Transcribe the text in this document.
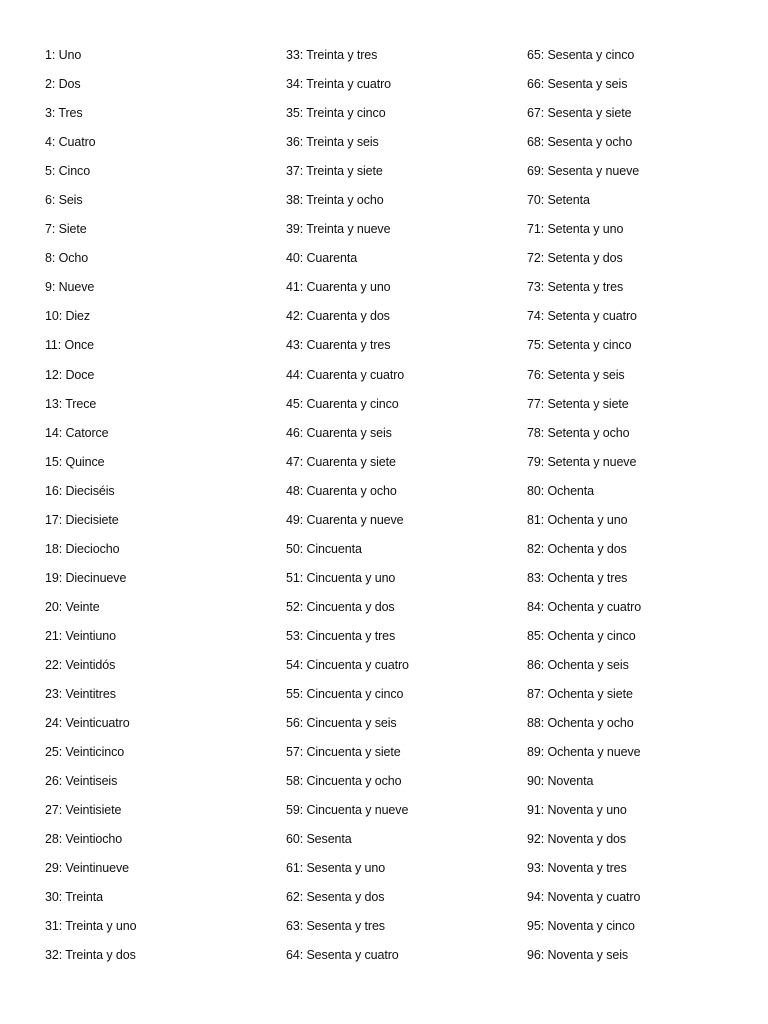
1: Uno
2: Dos
3: Tres
4: Cuatro
5: Cinco
6: Seis
7: Siete
8: Ocho
9: Nueve
10: Diez
11: Once
12: Doce
13: Trece
14: Catorce
15: Quince
16: Dieciséis
17: Diecisiete
18: Dieciocho
19: Diecinueve
20: Veinte
21: Veintiuno
22: Veintidós
23: Veintitres
24: Veinticuatro
25: Veinticinco
26: Veintiseis
27: Veintisiete
28: Veintiocho
29: Veintinueve
30: Treinta
31: Treinta y uno
32: Treinta y dos
33: Treinta y tres
34: Treinta y cuatro
35: Treinta y cinco
36: Treinta y seis
37: Treinta y siete
38: Treinta y ocho
39: Treinta y nueve
40: Cuarenta
41: Cuarenta y uno
42: Cuarenta y dos
43: Cuarenta y tres
44: Cuarenta y cuatro
45: Cuarenta y cinco
46: Cuarenta y seis
47: Cuarenta y siete
48: Cuarenta y ocho
49: Cuarenta y nueve
50: Cincuenta
51: Cincuenta y uno
52: Cincuenta y dos
53: Cincuenta y tres
54: Cincuenta y cuatro
55: Cincuenta y cinco
56: Cincuenta y seis
57: Cincuenta y siete
58: Cincuenta y ocho
59: Cincuenta y nueve
60: Sesenta
61: Sesenta y uno
62: Sesenta y dos
63: Sesenta y tres
64: Sesenta y cuatro
65: Sesenta y cinco
66: Sesenta y seis
67: Sesenta y siete
68: Sesenta y ocho
69: Sesenta y nueve
70: Setenta
71: Setenta y uno
72: Setenta y dos
73: Setenta y tres
74: Setenta y cuatro
75: Setenta y cinco
76: Setenta y seis
77: Setenta y siete
78: Setenta y ocho
79: Setenta y nueve
80: Ochenta
81: Ochenta y uno
82: Ochenta y dos
83: Ochenta y tres
84: Ochenta y cuatro
85: Ochenta y cinco
86: Ochenta y seis
87: Ochenta y siete
88: Ochenta y ocho
89: Ochenta y nueve
90: Noventa
91: Noventa y uno
92: Noventa y dos
93: Noventa y tres
94: Noventa y cuatro
95: Noventa y cinco
96: Noventa y seis
